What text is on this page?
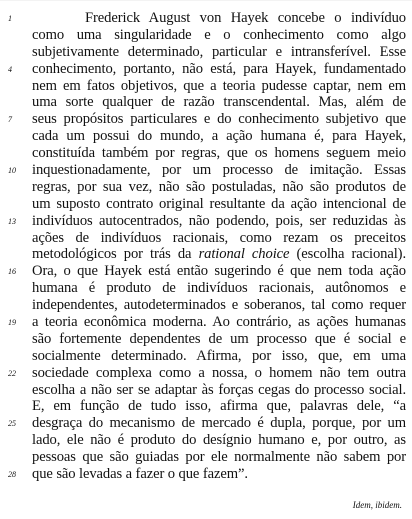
1	Frederick August von Hayek concebe o indivíduo
como uma singularidade e o conhecimento como algo
subjetivamente determinado, particular e intransferível. Esse
4	conhecimento, portanto, não está, para Hayek, fundamentado
nem em fatos objetivos, que a teoria pudesse captar, nem em
uma sorte qualquer de razão transcendental. Mas, além de
7	seus propósitos particulares e do conhecimento subjetivo que
cada um possui do mundo, a ação humana é, para Hayek,
constituída também por regras, que os homens seguem meio
10	inquestionadamente, por um processo de imitação. Essas
regras, por sua vez, não são postuladas, não são produtos de
um suposto contrato original resultante da ação intencional de
13	indivíduos autocentrados, não podendo, pois, ser reduzidas às
ações de indivíduos racionais, como rezam os preceitos
metodológicos por trás da rational choice (escolha racional).
16	Ora, o que Hayek está então sugerindo é que nem toda ação
humana é produto de indivíduos racionais, autônomos e
independentes, autodeterminados e soberanos, tal como requer
19	a teoria econômica moderna. Ao contrário, as ações humanas
são fortemente dependentes de um processo que é social e
socialmente determinado. Afirma, por isso, que, em uma
22	sociedade complexa como a nossa, o homem não tem outra
escolha a não ser se adaptar às forças cegas do processo social.
E, em função de tudo isso, afirma que, palavras dele, “a
25	desgraça do mecanismo de mercado é dupla, porque, por um
lado, ele não é produto do desígnio humano e, por outro, as
pessoas que são guiadas por ele normalmente não sabem por
28	que são levadas a fazer o que fazem”.
Idem, ibidem.
